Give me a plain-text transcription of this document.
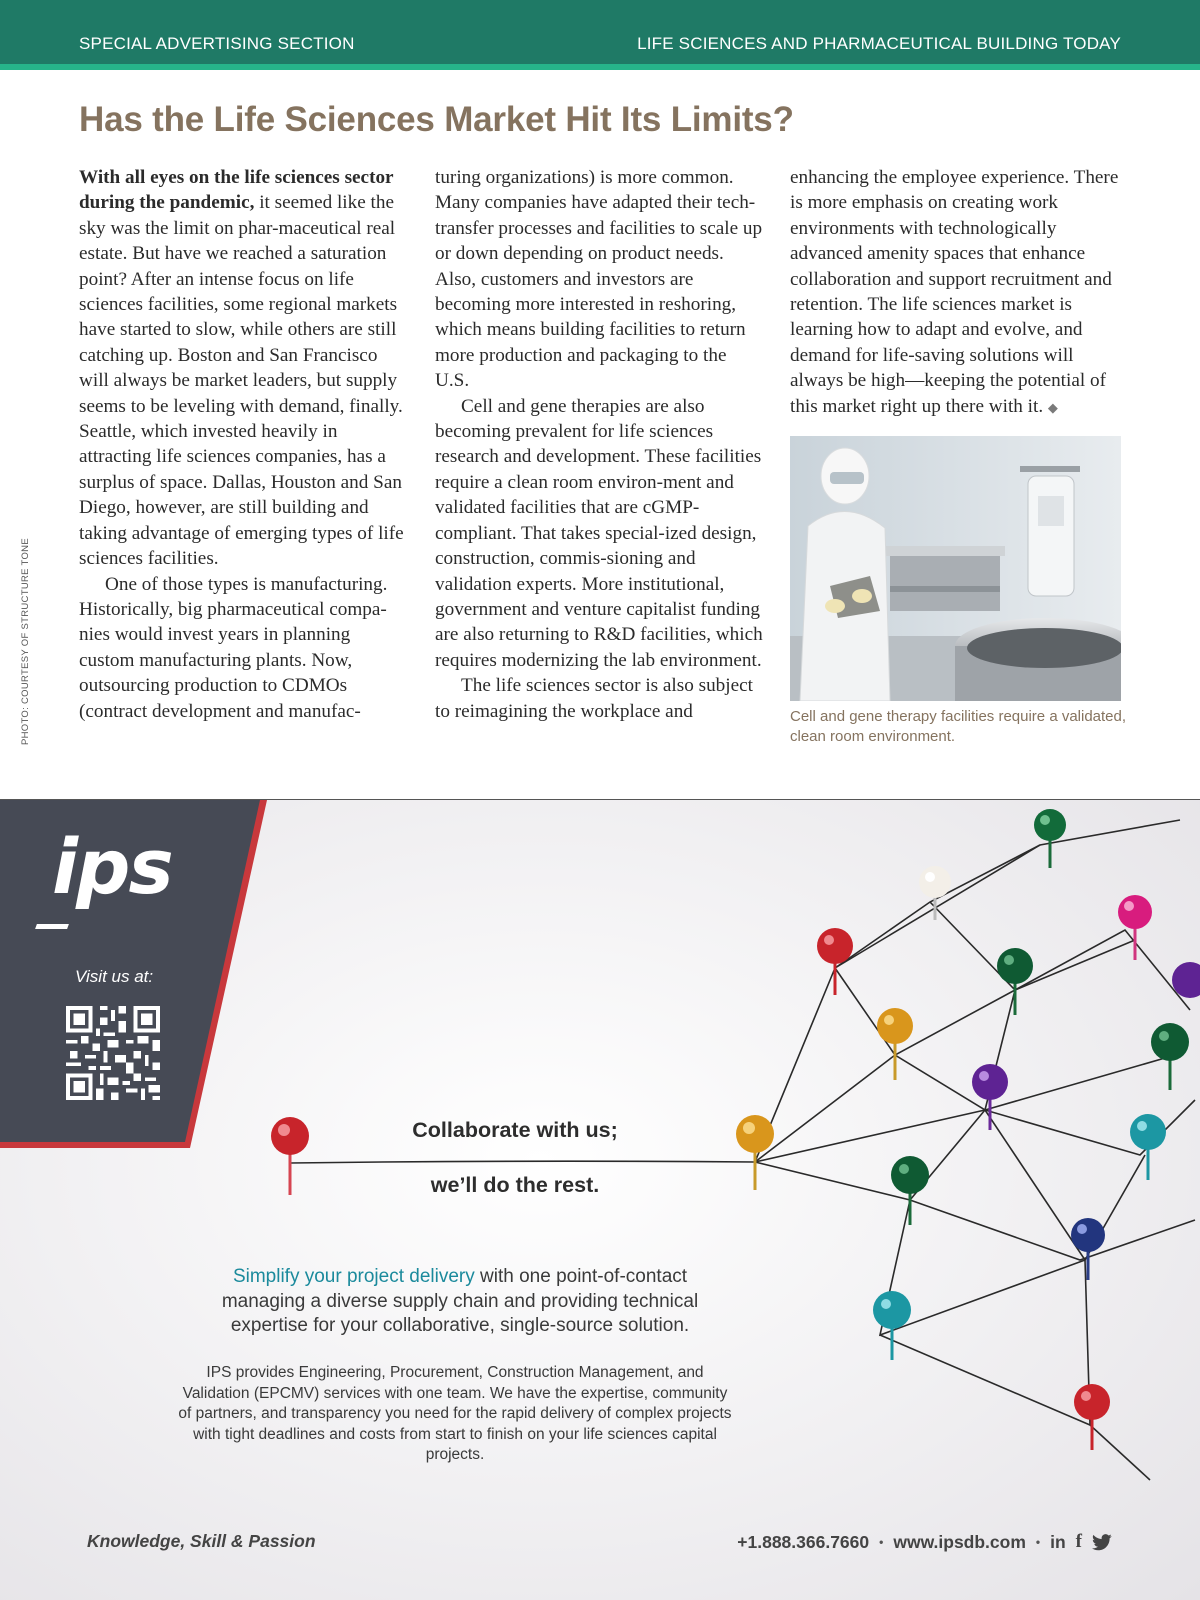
SPECIAL ADVERTISING SECTION	LIFE SCIENCES AND PHARMACEUTICAL BUILDING TODAY
Has the Life Sciences Market Hit Its Limits?

With all eyes on the life sciences sector during the pandemic, it seemed like the sky was the limit on phar-maceutical real estate. But have we reached a saturation point? After an intense focus on life sciences facilities, some regional markets have started to slow, while others are still catching up. Boston and San Francisco will always be market leaders, but supply seems to be leveling with demand, finally. Seattle, which invested heavily in attracting life sciences companies, has a surplus of space. Dallas, Houston and San Diego, however, are still building and taking advantage of emerging types of life sciences facilities.

One of those types is manufacturing. Historically, big pharmaceutical compa-nies would invest years in planning custom manufacturing plants. Now, outsourcing production to CDMOs (contract development and manufac-

turing organizations) is more common. Many companies have adapted their tech-transfer processes and facilities to scale up or down depending on product needs. Also, customers and investors are becoming more interested in reshoring, which means building facilities to return more production and packaging to the U.S.

Cell and gene therapies are also becoming prevalent for life sciences research and development. These facilities require a clean room environ-ment and validated facilities that are cGMP-compliant. That takes special-ized design, construction, commis-sioning and validation experts. More institutional, government and venture capitalist funding are also returning to R&D facilities, which requires modernizing the lab environment.

The life sciences sector is also subject to reimagining the workplace and

enhancing the employee experience. There is more emphasis on creating work environments with technologically advanced amenity spaces that enhance collaboration and support recruitment and retention. The life sciences market is learning how to adapt and evolve, and demand for life-saving solutions will always be high—keeping the potential of this market right up there with it. ◆

PHOTO: COURTESY OF STRUCTURE TONE	Cell and gene therapy facilities require a validated, clean room environment.
ips
Visit us at:
Collaborate with us;
we’ll do the rest.
Simplify your project delivery with one point-of-contact managing a diverse supply chain and providing technical expertise for your collaborative, single-source solution.
IPS provides Engineering, Procurement, Construction Management, and Validation (EPCMV) services with one team. We have the expertise, community of partners, and transparency you need for the rapid delivery of complex projects with tight deadlines and costs from start to finish on your life sciences capital projects.
Knowledge, Skill & Passion	+1.888.366.7660 • www.ipsdb.com • in f
